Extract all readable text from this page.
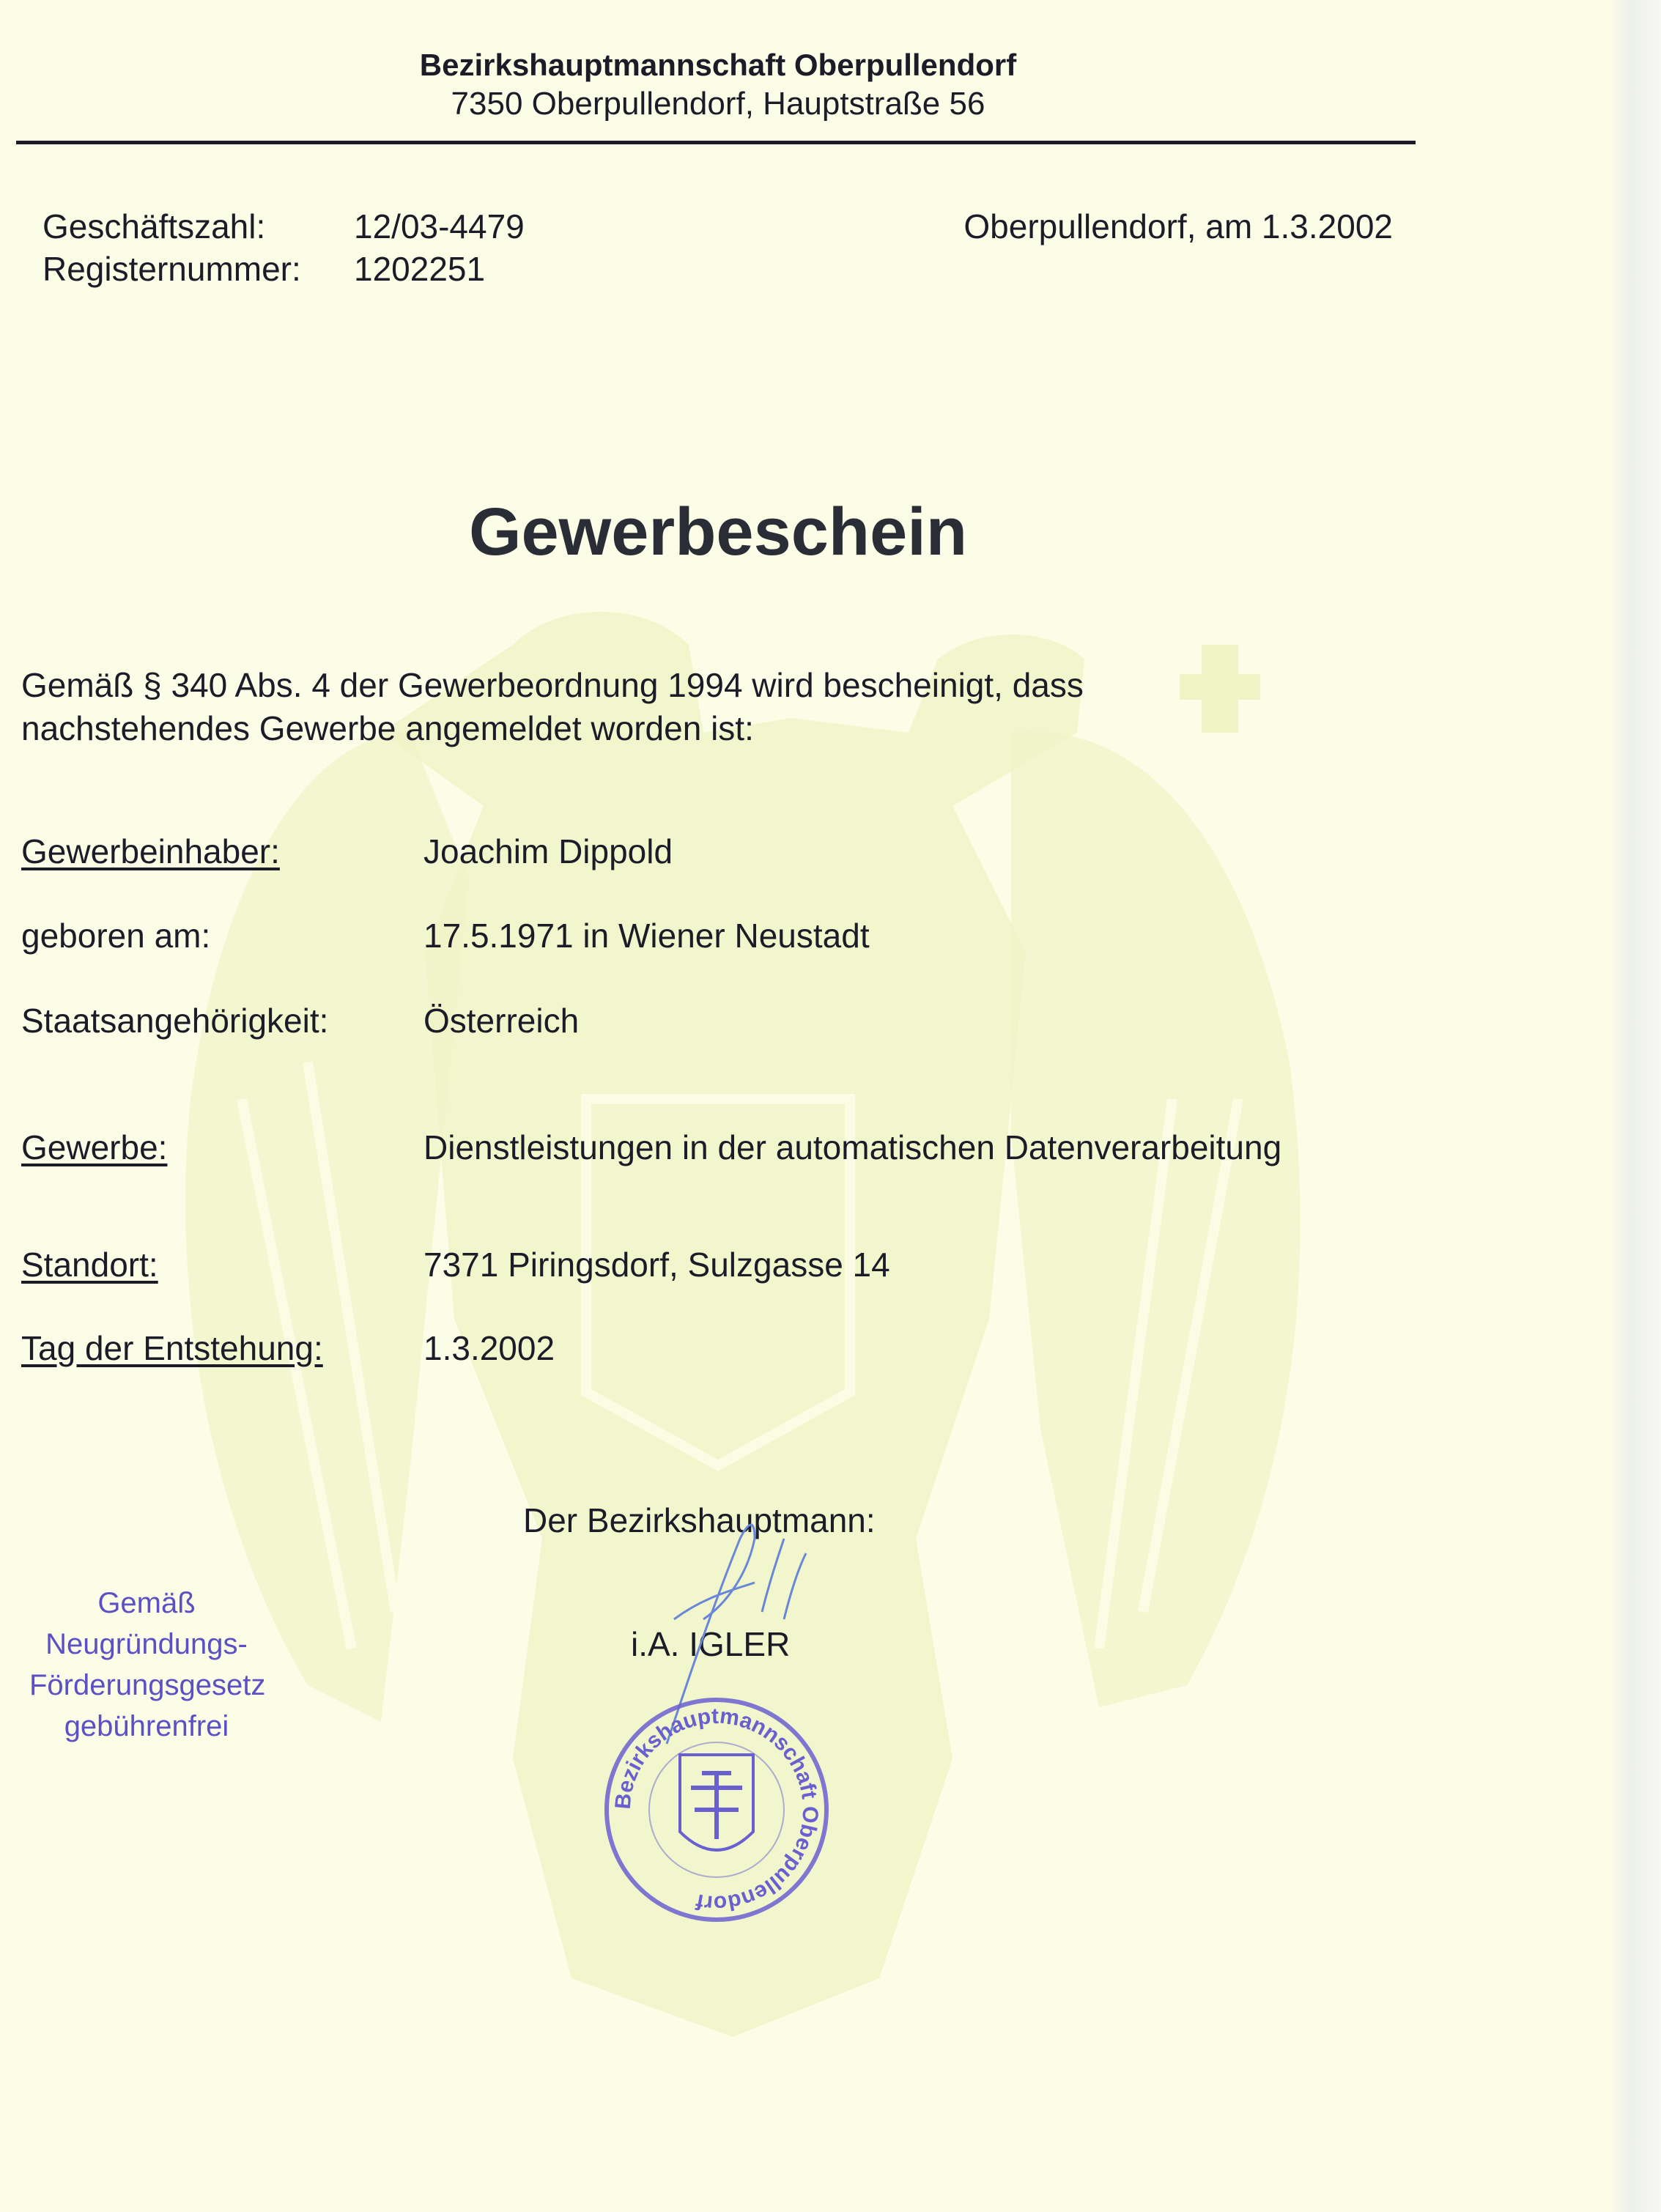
Bezirkshauptmannschaft Oberpullendorf
7350 Oberpullendorf, Hauptstraße 56
Geschäftszahl:	12/03-4479
Registernummer: 1202251
Oberpullendorf, am 1.3.2002
Gewerbeschein
Gemäß § 340 Abs. 4 der Gewerbeordnung 1994 wird bescheinigt, dass
nachstehendes Gewerbe angemeldet worden ist:
Gewerbeinhaber:	Joachim Dippold
geboren am:	17.5.1971 in Wiener Neustadt
Staatsangehörigkeit:	Österreich
Gewerbe:	Dienstleistungen in der automatischen Datenverarbeitung
Standort:	7371 Piringsdorf, Sulzgasse 14
Tag der Entstehung:	1.3.2002
Der Bezirkshauptmann:
i.A. IGLER
Gemäß
Neugründungs-
Förderungsgesetz
gebührenfrei
Bezirkshauptmannschaft Oberpullendorf
